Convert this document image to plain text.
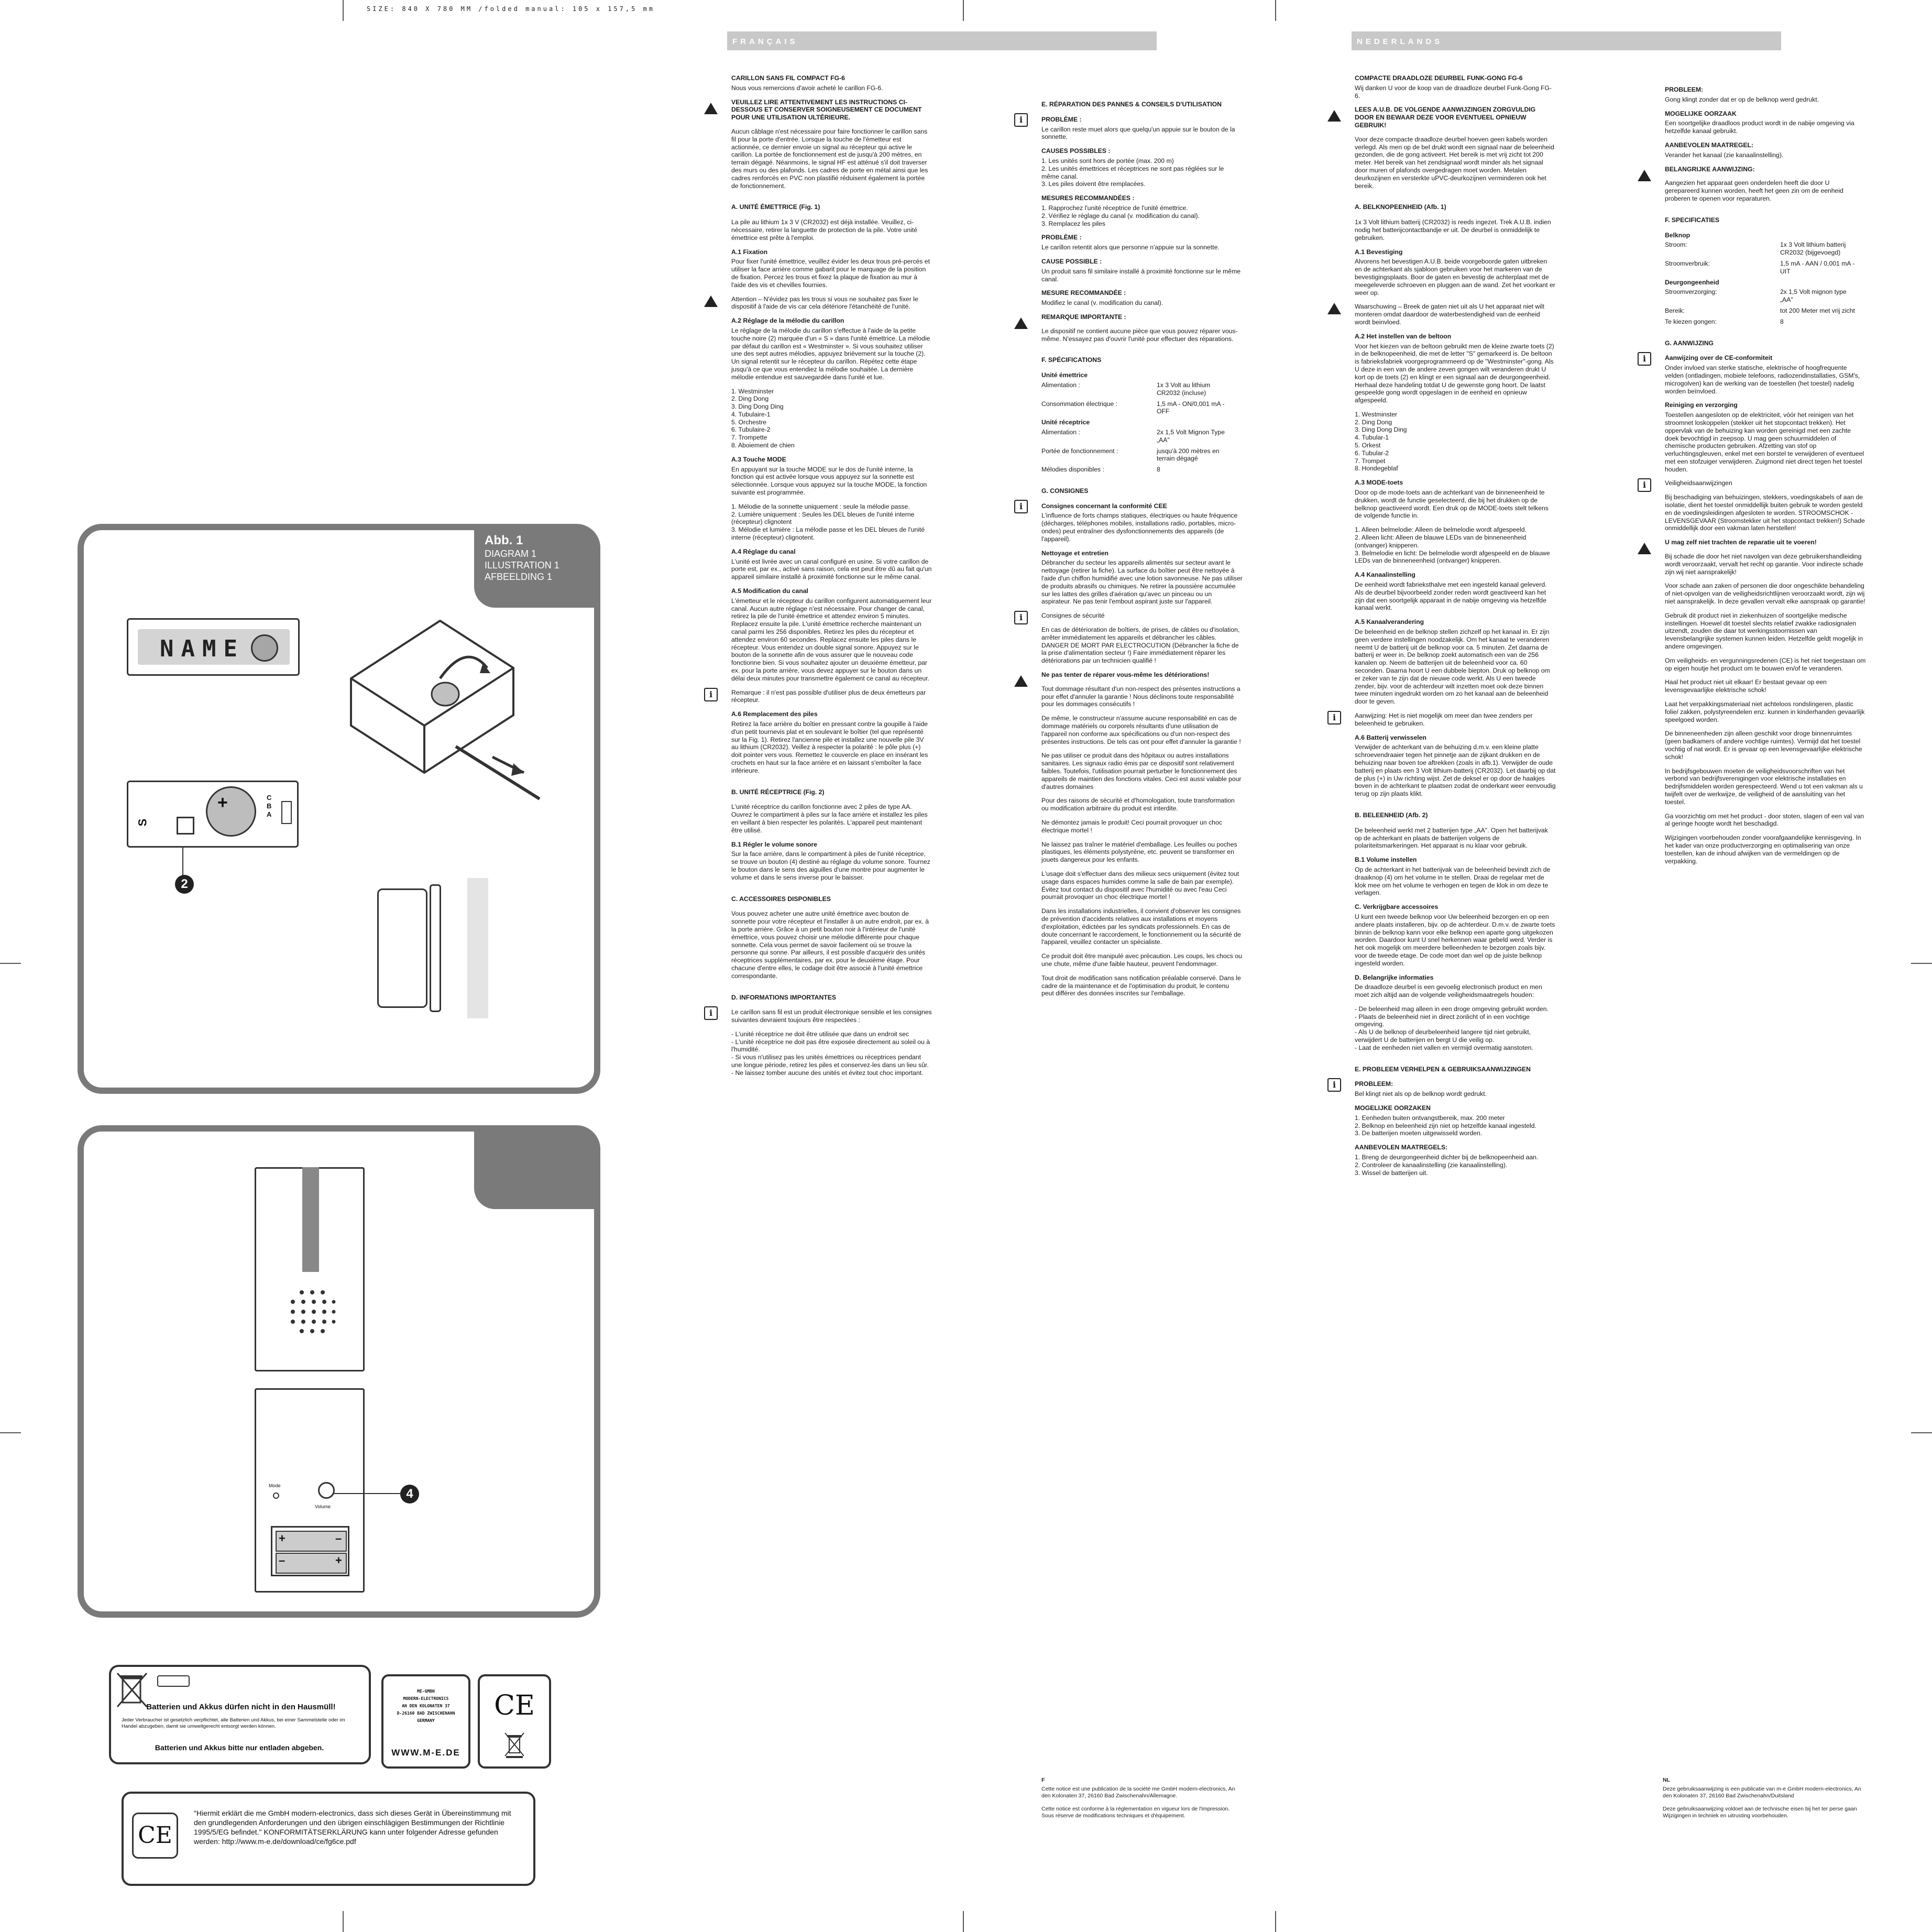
SIZE: 840 X 780 MM /folded manual: 105 x 157,5 mm
Abb. 1
DIAGRAM 1
ILLUSTRATION 1
AFBEELDING 1
NAME
+
S
C
B
A
2
Mode
Volume
+	–
–	+
4
Batterien und Akkus dürfen nicht in den Hausmüll!
Jeder Verbraucher ist gesetzlich verpflichtet, alle Batterien und Akkus, bei einer Sammelstelle oder im Handel abzugeben, damit sie umweltgerecht entsorgt werden können.
Batterien und Akkus bitte nur entladen abgeben.
ME-GMBH
MODERN-ELECTRONICS
AN DEN KOLONATEN 37
D-26160 BAD ZWISCHENAHN
GERMANY
WWW.M-E.DE
CE
CE
"Hiermit erklärt die me GmbH modern-electronics, dass sich dieses Gerät in Übereinstimmung mit den grundlegenden Anforderungen und den übrigen einschlägigen Bestimmungen der Richtlinie 1995/5/EG befindet." KONFORMITÄTSERKLÄRUNG kann unter folgender Adresse gefunden werden: http://www.m-e.de/download/ce/fg6ce.pdf
FRANÇAIS	NEDERLANDS
CARILLON SANS FIL COMPACT FG-6
Nous vous remercions d'avoir acheté le carillon FG-6.
VEUILLEZ LIRE ATTENTIVEMENT LES INSTRUCTIONS CI-DESSOUS ET CONSERVER SOIGNEUSEMENT CE DOCUMENT POUR UNE UTILISATION ULTÉRIEURE.
Aucun câblage n'est nécessaire pour faire fonctionner le carillon sans fil pour la porte d'entrée. Lorsque la touche de l'émetteur est actionnée, ce dernier envoie un signal au récepteur qui active le carillon. La portée de fonctionnement est de jusqu'à 200 mètres, en terrain dégagé. Néanmoins, le signal HF est atténué s'il doit traverser des murs ou des plafonds. Les cadres de porte en métal ainsi que les cadres renforcés en PVC non plastifié réduisent également la portée de fonctionnement.
A. UNITÉ ÉMETTRICE (Fig. 1)
La pile au lithium 1x 3 V (CR2032) est déjà installée. Veuillez, ci-nécessaire, retirer la languette de protection de la pile. Votre unité émettrice est prête à l'emploi.
A.1 Fixation
Pour fixer l'unité émettrice, veuillez évider les deux trous pré-percés et utiliser la face arrière comme gabarit pour le marquage de la position de fixation. Percez les trous et fixez la plaque de fixation au mur à l'aide des vis et chevilles fournies.
Attention – N'évidez pas les trous si vous ne souhaitez pas fixer le dispositif à l'aide de vis car cela détériore l'étanchéité de l'unité.
A.2 Réglage de la mélodie du carillon
Le réglage de la mélodie du carillon s'effectue à l'aide de la petite touche noire (2) marquée d'un « S » dans l'unité émettrice. La mélodie par défaut du carillon est « Westminster ». Si vous souhaitez utiliser une des sept autres mélodies, appuyez brièvement sur la touche (2). Un signal retentit sur le récepteur du carillon. Répétez cette étape jusqu'à ce que vous entendiez la mélodie souhaitée. La dernière mélodie entendue est sauvegardée dans l'unité et lue.
1. Westminster
2. Ding Dong
3. Ding Dong Ding
4. Tubulaire-1
5. Orchestre
6. Tubulaire-2
7. Trompette
8. Aboiement de chien
A.3 Touche MODE
En appuyant sur la touche MODE sur le dos de l'unité interne, la fonction qui est activée lorsque vous appuyez sur la sonnette est sélectionnée. Lorsque vous appuyez sur la touche MODE, la fonction suivante est programmée.
1. Mélodie de la sonnette uniquement : seule la mélodie passe.
2. Lumière uniquement : Seules les DEL bleues de l'unité interne (récepteur) clignotent
3. Mélodie et lumière : La mélodie passe et les DEL bleues de l'unité interne (récepteur) clignotent.
A.4 Réglage du canal
L'unité est livrée avec un canal configuré en usine. Si votre carillon de porte est, par ex., activé sans raison, cela est peut être dû au fait qu'un appareil similaire installé à proximité fonctionne sur le même canal.
A.5 Modification du canal
L'émetteur et le récepteur du carillon configurent automatiquement leur canal. Aucun autre réglage n'est nécessaire. Pour changer de canal, retirez la pile de l'unité émettrice et attendez environ 5 minutes. Replacez ensuite la pile. L'unité émettrice recherche maintenant un canal parmi les 256 disponibles. Retirez les piles du récepteur et attendez environ 60 secondes. Replacez ensuite les piles dans le récepteur. Vous entendez un double signal sonore. Appuyez sur le bouton de la sonnette afin de vous assurer que le nouveau code fonctionne bien. Si vous souhaitez ajouter un deuxième émetteur, par ex. pour la porte arrière, vous devez appuyer sur le bouton dans un délai deux minutes pour transmettre également ce canal au récepteur.
Remarque : il n'est pas possible d'utiliser plus de deux émetteurs par récepteur.
i
A.6 Remplacement des piles
Retirez la face arrière du boîtier en pressant contre la goupille à l'aide d'un petit tournevis plat et en soulevant le boîtier (tel que représenté sur la Fig. 1). Retirez l'ancienne pile et installez une nouvelle pile 3V au lithium (CR2032). Veillez à respecter la polarité : le pôle plus (+) doit pointer vers vous. Remettez le couvercle en place en insérant les crochets en haut sur la face arrière et en laissant s'emboîter la face inférieure.
B. UNITÉ RÉCEPTRICE (Fig. 2)
L'unité réceptrice du carillon fonctionne avec 2 piles de type AA. Ouvrez le compartiment à piles sur la face arrière et installez les piles en veillant à bien respecter les polarités. L'appareil peut maintenant être utilisé.
B.1 Régler le volume sonore
Sur la face arrière, dans le compartiment à piles de l'unité réceptrice, se trouve un bouton (4) destiné au réglage du volume sonore. Tournez le bouton dans le sens des aiguilles d'une montre pour augmenter le volume et dans le sens inverse pour le baisser.
C. ACCESSOIRES DISPONIBLES
Vous pouvez acheter une autre unité émettrice avec bouton de sonnette pour votre récepteur et l'installer à un autre endroit, par ex. à la porte arrière. Grâce à un petit bouton noir à l'intérieur de l'unité émettrice, vous pouvez choisir une mélodie différente pour chaque sonnette. Cela vous permet de savoir facilement où se trouve la personne qui sonne. Par ailleurs, il est possible d'acquérir des unités réceptrices supplémentaires, par ex. pour le deuxième étage. Pour chacune d'entre elles, le codage doit être associé à l'unité émettrice correspondante.
D. INFORMATIONS IMPORTANTES
i	Le carillon sans fil est un produit électronique sensible et les consignes suivantes devraient toujours être respectées :
- L'unité réceptrice ne doit être utilisée que dans un endroit sec
- L'unité réceptrice ne doit pas être exposée directement au soleil ou à l'humidité.
- Si vous n'utilisez pas les unités émettrices ou réceptrices pendant une longue période, retirez les piles et conservez-les dans un lieu sûr.
- Ne laissez tomber aucune des unités et évitez tout choc important.
E. RÉPARATION DES PANNES & CONSEILS D'UTILISATION
i	PROBLÈME :
Le carillon reste muet alors que quelqu'un appuie sur le bouton de la sonnette.
CAUSES POSSIBLES :
1. Les unités sont hors de portée (max. 200 m)
2. Les unités émettrices et réceptrices ne sont pas réglées sur le même canal.
3. Les piles doivent être remplacées.
MESURES RECOMMANDÉES :
1. Rapprochez l'unité réceptrice de l'unité émettrice.
2. Vérifiez le réglage du canal (v. modification du canal).
3. Remplacez les piles
PROBLÈME :
Le carillon retentit alors que personne n'appuie sur la sonnette.
CAUSE POSSIBLE :
Un produit sans fil similaire installé à proximité fonctionne sur le même canal.
MESURE RECOMMANDÉE :
Modifiez le canal (v. modification du canal).
REMARQUE IMPORTANTE :
Le dispositif ne contient aucune pièce que vous pouvez réparer vous-même. N'essayez pas d'ouvrir l'unité pour effectuer des réparations.
F. SPÉCIFICATIONS
Unité émettrice
Alimentation :	1x 3 Volt au lithium CR2032 (incluse)
Consommation électrique :	1,5 mA - ON/0,001 mA - OFF
Unité réceptrice
Alimentation :	2x 1,5 Volt Mignon Type „AA"
Portée de fonctionnement :	jusqu'à 200 mètres en terrain dégagé
Mélodies disponibles :	8
G. CONSIGNES
i	Consignes concernant la conformité CEE
L'influence de forts champs statiques, électriques ou haute fréquence (décharges, téléphones mobiles, installations radio, portables, micro-ondes) peut entraîner des dysfonctionnements des appareils (de l'appareil).
Nettoyage et entretien
Débrancher du secteur les appareils alimentés sur secteur avant le nettoyage (retirer la fiche). La surface du boîtier peut être nettoyée à l'aide d'un chiffon humidifié avec une lotion savonneuse. Ne pas utiliser de produits abrasifs ou chimiques. Ne retirer la poussière accumulée sur les lattes des grilles d'aération qu'avec un pinceau ou un aspirateur. Ne pas tenir l'embout aspirant juste sur l'appareil.
Consignes de sécurité
i
En cas de détérioration de boîtiers, de prises, de câbles ou d'isolation, arrêter immédiatement les appareils et débrancher les câbles. DANGER DE MORT PAR ELECTROCUTION (Débrancher la fiche de la prise d'alimentation secteur !) Faire immédiatement réparer les détériorations par un technicien qualifié !
Ne pas tenter de réparer vous-même les détériorations!
Tout dommage résultant d'un non-respect des présentes instructions a pour effet d'annuler la garantie ! Nous déclinons toute responsabilité pour les dommages consécutifs !
De même, le constructeur n'assume aucune responsabilité en cas de dommage matériels ou corporels résultants d'une utilisation de l'appareil non conforme aux spécifications ou d'un non-respect des présentes instructions. De tels cas ont pour effet d'annuler la garantie !
Ne pas utiliser ce produit dans des hôpitaux ou autres installations sanitaires. Les signaux radio émis par ce dispositif sont relativement faibles. Toutefois, l'utilisation pourrait perturber le fonctionnement des appareils de maintien des fonctions vitales. Ceci est aussi valable pour d'autres domaines
Pour des raisons de sécurité et d'homologation, toute transformation ou modification arbitraire du produit est interdite.
Ne démontez jamais le produit! Ceci pourrait provoquer un choc électrique mortel !
Ne laissez pas traîner le matériel d'emballage. Les feuilles ou poches plastiques, les éléments polystyrène, etc. peuvent se transformer en jouets dangereux pour les enfants.
L'usage doit s'effectuer dans des milieux secs uniquement (évitez tout usage dans espaces humides comme la salle de bain par exemple). Évitez tout contact du dispositif avec l'humidité ou avec l'eau Ceci pourrait provoquer un choc électrique mortel !
Dans les installations industrielles, il convient d'observer les consignes de prévention d'accidents relatives aux installations et moyens d'exploitation, édictées par les syndicats professionnels. En cas de doute concernant le raccordement, le fonctionnement ou la sécurité de l'appareil, veuillez contacter un spécialiste.
Ce produit doit être manipulé avec précaution. Les coups, les chocs ou une chute, même d'une faible hauteur, peuvent l'endommager.
Tout droit de modification sans notification préalable conservé. Dans le cadre de la maintenance et de l'optimisation du produit, le contenu peut différer des données inscrites sur l'emballage.
COMPACTE DRAADLOZE DEURBEL FUNK-GONG FG-6
Wij danken U voor de koop van de draadloze deurbel Funk-Gong FG-6.
LEES A.U.B. DE VOLGENDE AANWIJZINGEN ZORGVULDIG DOOR EN BEWAAR DEZE VOOR EVENTUEEL OPNIEUW GEBRUIK!
Voor deze compacte draadloze deurbel hoeven geen kabels worden verlegd. Als men op de bel drukt wordt een signaal naar de beleenheid gezonden, die de gong activeert. Het bereik is met vrij zicht tot 200 meter. Het bereik van het zendsignaal wordt minder als het signaal door muren of plafonds overgedragen moet worden. Metalen deurkozijnen en versterkte uPVC-deurkozijnen verminderen ook het bereik.
A. BELKNOPEENHEID (Afb. 1)
1x 3 Volt lithium batterij (CR2032) is reeds ingezet. Trek A.U.B. indien nodig het batterijcontactbandje er uit. De deurbel is onmiddelijk te gebruiken.
A.1 Bevestiging
Alvorens het bevestigen A.U.B. beide voorgeboorde gaten uitbreken en de achterkant als sjabloon gebruiken voor het markeren van de bevestigingsplaats. Boor de gaten en bevestig de achterplaat met de meegeleverde schroeven en pluggen aan de wand. Zet het voorkant er weer op.
Waarschuwing – Breek de gaten niet uit als U het apparaat niet wilt monteren omdat daardoor de waterbestendigheid van de eenheid wordt beinvloed.
A.2 Het instellen van de beltoon
Voor het kiezen van de beltoon gebruikt men de kleine zwarte toets (2) in de belknopeenheid, die met de letter "S" gemarkeerd is. De beltoon is fabrieksfabriek voorgeprogrammeerd op de "Westminster"-gong. Als U deze in een van de andere zeven gongen wilt veranderen drukt U kort op de toets (2) en klingt er een signaal aan de deurgongeenheid. Herhaal deze handeling totdat U de gewenste gong hoort. De laatst gespeelde gong wordt opgeslagen in de eenheid en opnieuw afgespeeld.
1. Westminster
2. Ding Dong
3. Ding Dong Ding
4. Tubular-1
5. Orkest
6. Tubular-2
7. Trompet
8. Hondegeblaf
A.3 MODE-toets
Door op de mode-toets aan de achterkant van de binneneenheid te drukken, wordt de functie geselecteerd, die bij het drukken op de belknop geactiveerd wordt. Een druk op de MODE-toets stelt telkens de volgende functie in.
1. Alleen belmelodie: Alleen de belmelodie wordt afgespeeld.
2. Alleen licht: Alleen de blauwe LEDs van de binneneenheid (ontvanger) knipperen.
3. Belmelodie en licht: De belmelodie wordt afgespeeld en de blauwe LEDs van de binneneenheid (ontvanger) knipperen.
A.4 Kanaalinstelling
De eenheid wordt fabrieksthalve met een ingesteld kanaal geleverd. Als de deurbel bijvoorbeeld zonder reden wordt geactiveerd kan het zijn dat een soortgelijk apparaat in de nabije omgeving via hetzelfde kanaal werkt.
A.5 Kanaalverandering
De beleenheid en de belknop stellen zichzelf op het kanaal in. Er zijn geen verdere instellingen noodzakelijk. Om het kanaal te veranderen neemt U de batterij uit de belknop voor ca. 5 minuten. Zet daarna de batterij er weer in. De belknop zoekt automatisch een van de 256 kanalen op. Neem de batterijen uit de beleenheid voor ca. 60 seconden. Daarna hoort U een dubbele biepton. Druk op belknop om er zeker van te zijn dat de nieuwe code werkt. Als U een tweede zender, bijv. voor de achterdeur wilt inzetten moet ook deze binnen twee minuten ingedrukt worden om zo het kanaal aan de beleenheid door te geven.
Aanwijzing: Het is niet mogelijk om meer dan twee zenders per beleenheid te gebruiken.
i
A.6 Batterij verwisselen
Verwijder de achterkant van de behuizing d.m.v. een kleine platte schroevendraaier tegen het pinnetje aan de zijkant drukken en de behuizing naar boven toe aftrekken (zoals in afb.1). Verwijder de oude batterij en plaats een 3 Volt lithium-batterij (CR2032). Let daarbij op dat de plus (+) in Uw richting wijst. Zet de deksel er op door de haakjes boven in de achterkant te plaatsen zodat de onderkant weer eenvoudig terug op zijn plaats klikt.
B. BELEENHEID (Afb. 2)
De beleenheid werkt met 2 batterijen type „AA". Open het batterijvak op de achterkant en plaats de batterijen volgens de polariteitsmarkeringen. Het apparaat is nu klaar voor gebruik.
B.1 Volume instellen
Op de achterkant in het batterijvak van de beleenheid bevindt zich de draaiknop (4) om het volume in te stellen. Draai de regelaar met de klok mee om het volume te verhogen en tegen de klok in om deze te verlagen.
C. Verkrijgbare accessoires
U kunt een tweede belknop voor Uw beleenheid bezorgen en op een andere plaats installeren, bijv. op de achterdeur. D.m.v. de zwarte toets binnin de belknop kann voor elke belknop een aparte gong uitgekozen worden. Daardoor kunt U snel herkennen waar gebeld werd. Verder is het ook mogelijk om meerdere belleenheden te bezorgen zoals bijv. voor de tweede etage. De code moet dan wel op de juiste belknop ingesteld worden.
D. Belangrijke informaties
De draadloze deurbel is een gevoelig electronisch product en men moet zich altijd aan de volgende veiligheidsmaatregels houden:
- De beleenheid mag alleen in een droge omgeving gebruikt worden.
- Plaats de beleenheid niet in direct zonlicht of in een vochtige omgeving.
- Als U de belknop of deurbeleenheid langere tijd niet gebruikt, verwijdert U de batterijen en bergt U die veilig op.
- Laat de eenheden niet vallen en vermijd overmatig aanstoten.
E. PROBLEEM VERHELPEN & GEBRUIKSAANWIJZINGEN
i	PROBLEEM:
Bel klingt niet als op de belknop wordt gedrukt.
MOGELIJKE OORZAKEN
1. Eenheden buiten ontvangstbereik, max. 200 meter
2. Belknop en beleenheid zijn niet op hetzelfde kanaal ingesteld.
3. De batterijen moeten uitgewisseld worden.
AANBEVOLEN MAATREGELS:
1. Breng de deurgongeenheid dichter bij de belknopeenheid aan.
2. Controleer de kanaalinstelling (zie kanaalinstelling).
3. Wissel de batterijen uit.
PROBLEEM:
Gong klingt zonder dat er op de belknop werd gedrukt.
MOGELIJKE OORZAAK
Een soortgelijke draadloos product wordt in de nabije omgeving via hetzelfde kanaal gebruikt.
AANBEVOLEN MAATREGEL:
Verander het kanaal (zie kanaalinstelling).
BELANGRIJKE AANWIJZING:
Aangezien het apparaat geen onderdelen heeft die door U gerepareerd kunnen worden, heeft het geen zin om de eenheid proberen te openen voor reparaturen.
F. SPECIFICATIES
Belknop
Stroom:	1x 3 Volt lithium batterij CR2032 (bijgevoegd)
Stroomverbruik:	1,5 mA - AAN / 0,001 mA - UIT
Deurgongeenheid
Stroomverzorging:	2x 1,5 Volt mignon type „AA"
Bereik:	tot 200 Meter met vrij zicht
Te kiezen gongen:	8
G. AANWIJZING
i	Aanwijzing over de CE-conformiteit
Onder invloed van sterke statische, elektrische of hoogfrequente velden (ontladingen, mobiele telefoons, radiozendinstallaties, GSM's, microgolven) kan de werking van de toestellen (het toestel) nadelig worden beïnvloed.
Reiniging en verzorging
Toestellen aangesloten op de elektriciteit, vóór het reinigen van het stroomnet loskoppelen (stekker uit het stopcontact trekken). Het oppervlak van de behuizing kan worden gereinigd met een zachte doek bevochtigd in zeepsop. U mag geen schuurmiddelen of chemische producten gebruiken. Afzetting van stof op verluchtingsgleuven, enkel met een borstel te verwijderen of eventueel met een stofzuiger verwijderen. Zuigmond niet direct tegen het toestel houden.
Veiligheidsaanwijzingen
i
Bij beschadiging van behuizingen, stekkers, voedingskabels of aan de isolatie, dient het toestel onmiddellijk buiten gebruik te worden gesteld en de voedingsleidingen afgesloten te worden. STROOMSCHOK - LEVENSGEVAAR (Stroomstekker uit het stopcontact trekken!) Schade onmiddellijk door een vakman laten herstellen!
U mag zelf niet trachten de reparatie uit te voeren!
Bij schade die door het niet navolgen van deze gebruikershandleiding wordt veroorzaakt, vervalt het recht op garantie. Voor indirecte schade zijn wij niet aansprakelijk!
Voor schade aan zaken of personen die door ongeschikte behandeling of niet-opvolgen van de veiligheidsrichtlijnen veroorzaakt wordt, zijn wij niet aansprakelijk. In deze gevallen vervalt elke aanspraak op garantie!
Gebruik dit product niet in ziekenhuizen of soortgelijke medische instellingen. Hoewel dit toestel slechts relatief zwakke radiosignalen uitzendt, zouden die daar tot werkingsstoornissen van levensbelangrijke systemen kunnen leiden. Hetzelfde geldt mogelijk in andere omgevingen.
Om veiligheids- en vergunningsredenen (CE) is het niet toegestaan om op eigen houtje het product om te bouwen en/of te veranderen.
Haal het product niet uit elkaar! Er bestaat gevaar op een levensgevaarlijke elektrische schok!
Laat het verpakkingsmateriaal niet achteloos rondslingeren, plastic folie/ zakken, polystyreendelen enz. kunnen in kinderhanden gevaarlijk speelgoed worden.
De binneneenheden zijn alleen geschikt voor droge binnenruimtes (geen badkamers of andere vochtige ruimtes). Vermijd dat het toestel vochtig of nat wordt. Er is gevaar op een levensgevaarlijke elektrische schok!
In bedrijfsgebouwen moeten de veiligheidsvoorschriften van het verbond van bedrijfsverenigingen voor elektrische installaties en bedrijfsmiddelen worden gerespecteerd. Wend u tot een vakman als u twijfelt over de werkwijze, de veiligheid of de aansluiting van het toestel.
Ga voorzichtig om met het product - door stoten, slagen of een val van al geringe hoogte wordt het beschadigd.
Wijzigingen voorbehouden zonder voorafgaandelijke kennisgeving. In het kader van onze productverzorging en optimalisering van onze toestellen, kan de inhoud afwijken van de vermeldingen op de verpakking.
F
Cette notice est une publication de la société me GmbH modern-electronics, An den Kolonaten 37, 26160 Bad Zwischenahn/Allemagne.
Cette notice est conforme à la réglementation en vigueur lors de l'impression. Sous réserve de modifications techniques et d'équipement.
NL
Deze gebruiksaanwijzing is een publicatie van m-e GmbH modern-electronics, An den Kolonaten 37, 26160 Bad Zwischenahn/Duitsland
Deze gebruiksaanwijzing voldoet aan de technische eisen bij het ter perse gaan Wijzigingen in techniek en uitrusting voorbehouden.
